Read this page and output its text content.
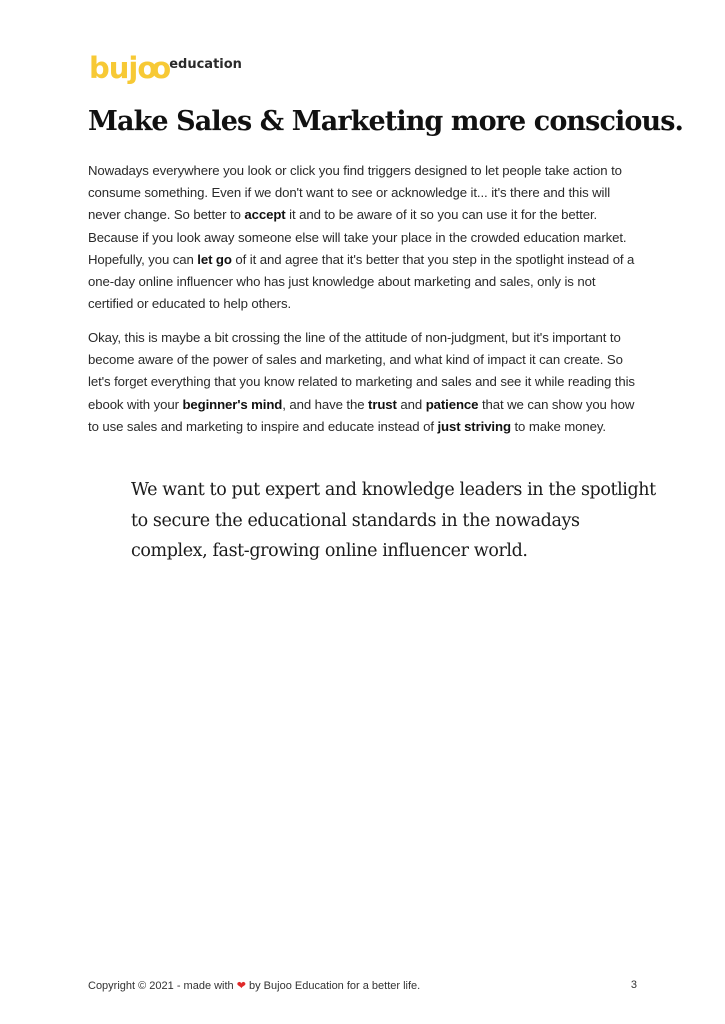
bujoo education
Make Sales & Marketing more conscious.

Nowadays everywhere you look or click you find triggers designed to let people take action to consume something. Even if we don't want to see or acknowledge it... it's there and this will never change. So better to accept it and to be aware of it so you can use it for the better. Because if you look away someone else will take your place in the crowded education market. Hopefully, you can let go of it and agree that it's better that you step in the spotlight instead of a one-day online influencer who has just knowledge about marketing and sales, only is not certified or educated to help others.

Okay, this is maybe a bit crossing the line of the attitude of non-judgment, but it's important to become aware of the power of sales and marketing, and what kind of impact it can create. So let's forget everything that you know related to marketing and sales and see it while reading this ebook with your beginner's mind, and have the trust and patience that we can show you how to use sales and marketing to inspire and educate instead of just striving to make money.

We want to put expert and knowledge leaders in the spotlight
to secure the educational standards in the nowadays
complex, fast-growing online influencer world.
Copyright © 2021 - made with ❤ by Bujoo Education for a better life.	3
